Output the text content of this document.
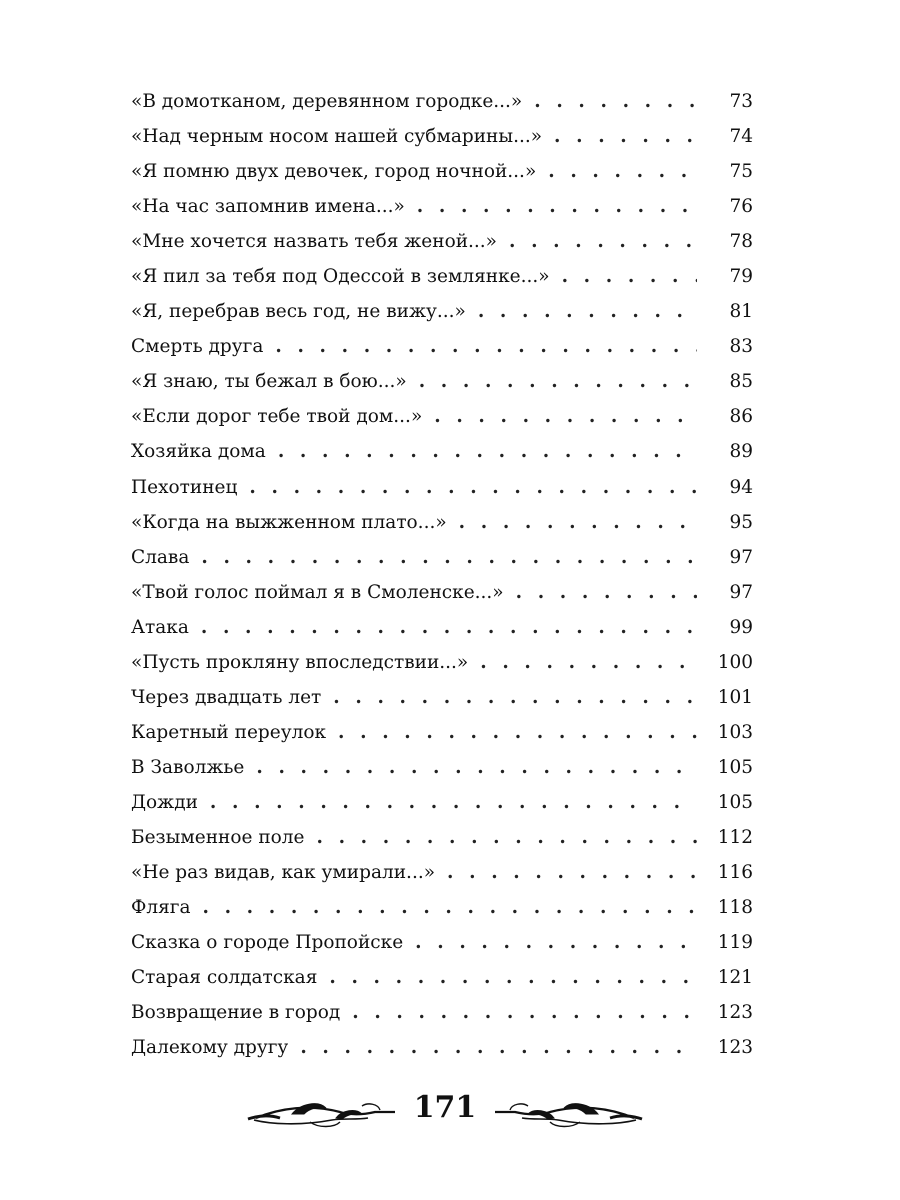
«В домотканом, деревянном городке...» . . .	73
«Над черным носом нашей субмарины...» . . .	74
«Я помню двух девочек, город ночной...» . . .	75
«На час запомнив имена...» . . .	76
«Мне хочется назвать тебя женой...» . . .	78
«Я пил за тебя под Одессой в землянке...» . . .	79
«Я, перебрав весь год, не вижу...» . . .	81
Смерть друга . . .	83
«Я знаю, ты бежал в бою...» . . .	85
«Если дорог тебе твой дом...» . . .	86
Хозяйка дома . . .	89
Пехотинец . . .	94
«Когда на выжженном плато...» . . .	95
Слава . . .	97
«Твой голос поймал я в Смоленске...» . . .	97
Атака . . .	99
«Пусть прокляну впоследствии...» . . .	100
Через двадцать лет . . .	101
Каретный переулок . . .	103
В Заволжье . . .	105
Дожди . . .	105
Безыменное поле . . .	112
«Не раз видав, как умирали...» . . .	116
Фляга . . .	118
Сказка о городе Пропойске . . .	119
Старая солдатская . . .	121
Возвращение в город . . .	123
Далекому другу . . .	123
171
